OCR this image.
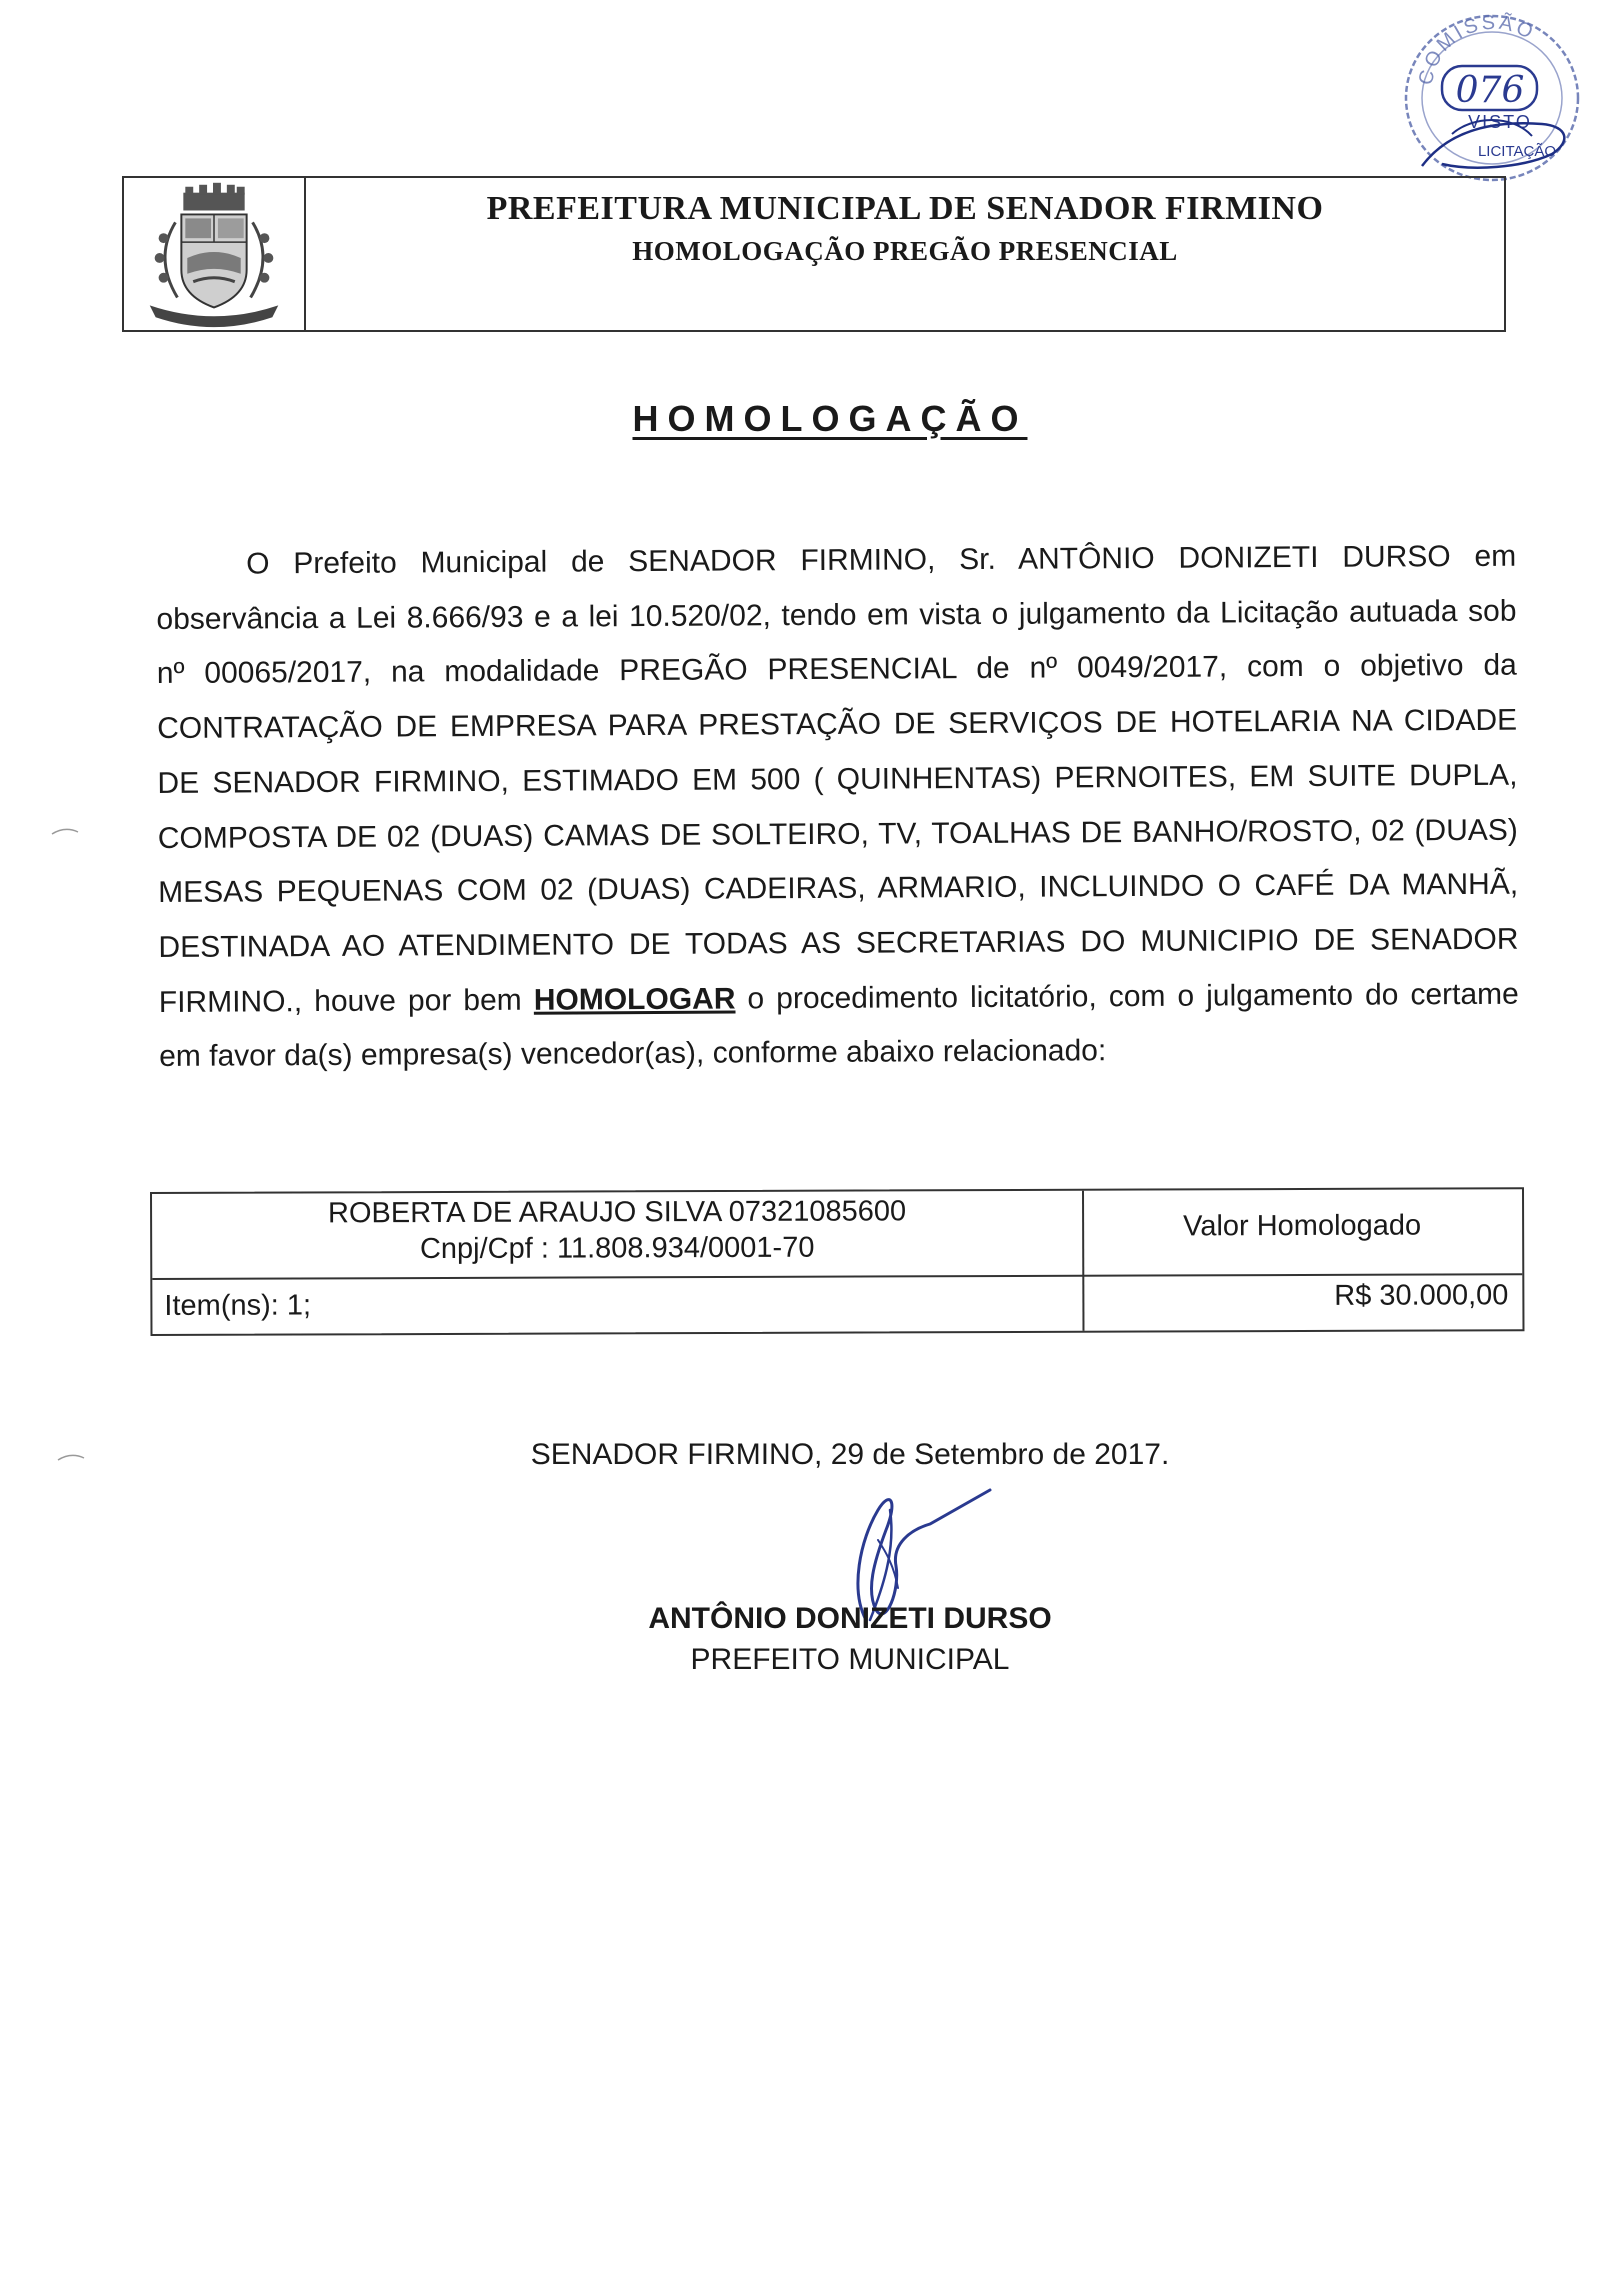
COMISSÃO
076
VISTO
LICITAÇÃO
PREFEITURA MUNICIPAL DE SENADOR FIRMINO
HOMOLOGAÇÃO PREGÃO PRESENCIAL
HOMOLOGAÇÃO
O Prefeito Municipal de SENADOR FIRMINO, Sr. ANTÔNIO DONIZETI DURSO em observância a Lei 8.666/93 e a lei 10.520/02, tendo em vista o julgamento da Licitação autuada sob nº 00065/2017, na modalidade PREGÃO PRESENCIAL de nº 0049/2017, com o objetivo da CONTRATAÇÃO DE EMPRESA PARA PRESTAÇÃO DE SERVIÇOS DE HOTELARIA NA CIDADE DE SENADOR FIRMINO, ESTIMADO EM 500 ( QUINHENTAS) PERNOITES, EM SUITE DUPLA, COMPOSTA DE 02 (DUAS) CAMAS DE SOLTEIRO, TV, TOALHAS DE BANHO/ROSTO, 02 (DUAS) MESAS PEQUENAS COM 02 (DUAS) CADEIRAS, ARMARIO, INCLUINDO O CAFÉ DA MANHÃ, DESTINADA AO ATENDIMENTO DE TODAS AS SECRETARIAS DO MUNICIPIO DE SENADOR FIRMINO., houve por bem HOMOLOGAR o procedimento licitatório, com o julgamento do certame em favor da(s) empresa(s) vencedor(as), conforme abaixo relacionado:
ROBERTA DE ARAUJO SILVA 07321085600
Cnpj/Cpf : 11.808.934/0001-70
Valor Homologado
Item(ns): 1;	R$ 30.000,00
SENADOR FIRMINO, 29 de Setembro de 2017.
ANTÔNIO DONIZETI DURSO
PREFEITO MUNICIPAL
